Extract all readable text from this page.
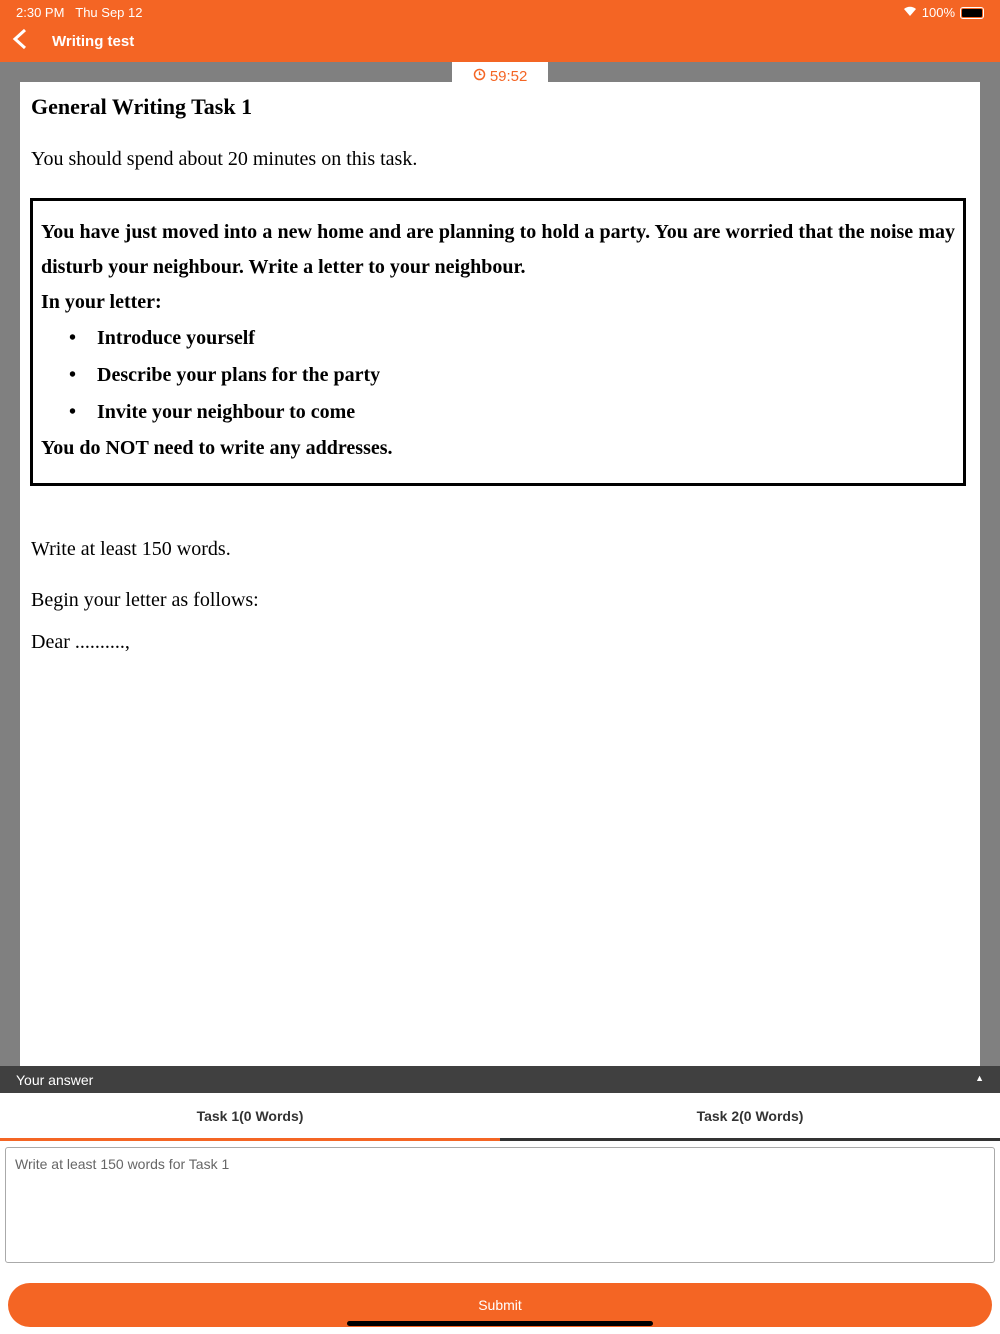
2:30 PM Thu Sep 12	100%
Writing test
59:52
General Writing Task 1
You should spend about 20 minutes on this task.
You have just moved into a new home and are planning to hold a party. You are worried that the noise may disturb your neighbour. Write a letter to your neighbour.
In your letter:
• Introduce yourself
• Describe your plans for the party
• Invite your neighbour to come
You do NOT need to write any addresses.
Write at least 150 words.
Begin your letter as follows:
Dear ..........,
Your answer	▲
Task 1(0 Words)	Task 2(0 Words)
Write at least 150 words for Task 1
Submit
